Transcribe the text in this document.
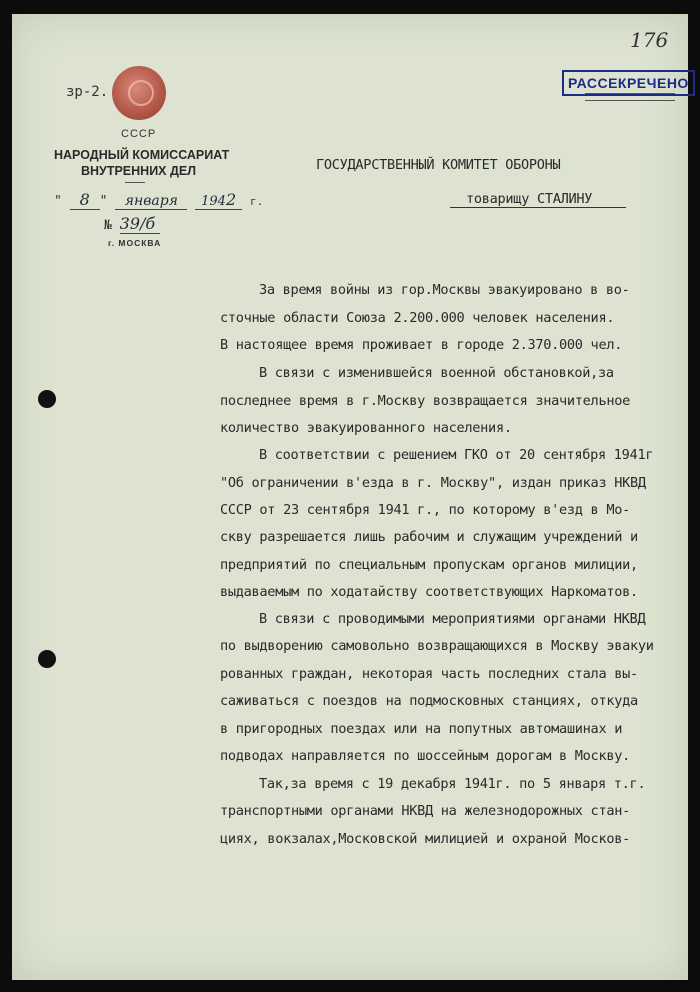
176
РАССЕКРЕЧЕНО
зр-2.
СССР
НАРОДНЫЙ КОМИССАРИАТ
ВНУТРЕННИХ ДЕЛ
" 8 " января 1942 г.
№ 39/б
г. МОСКВА
ГОСУДАРСТВЕННЫЙ КОМИТЕТ ОБОРОНЫ
товарищу СТАЛИНУ
За время войны из гор.Москвы эвакуировано в во-
сточные области Союза 2.200.000 человек населения.
В настоящее время проживает в городе 2.370.000 чел.
В связи с изменившейся военной обстановкой,за
последнее время в г.Москву возвращается значительное
количество эвакуированного населения.
В соответствии с решением ГКО от 20 сентября 1941г
"Об ограничении в'езда в г. Москву", издан приказ НКВД
СССР от 23 сентября 1941 г., по которому в'езд в Мо-
скву разрешается лишь рабочим и служащим учреждений и
предприятий по специальным пропускам органов милиции,
выдаваемым по ходатайству соответствующих Наркоматов.
В связи с проводимыми мероприятиями органами НКВД
по выдворению самовольно возвращающихся в Москву эвакуи
рованных граждан, некоторая часть последних стала вы-
саживаться с поездов на подмосковных станциях, откуда
в пригородных поездах или на попутных автомашинах и
подводах направляется по шоссейным дорогам в Москву.
Так,за время с 19 декабря 1941г. по 5 января т.г.
транспортными органами НКВД на железнодорожных стан-
циях, вокзалах,Московской милицией и охраной Москов-
